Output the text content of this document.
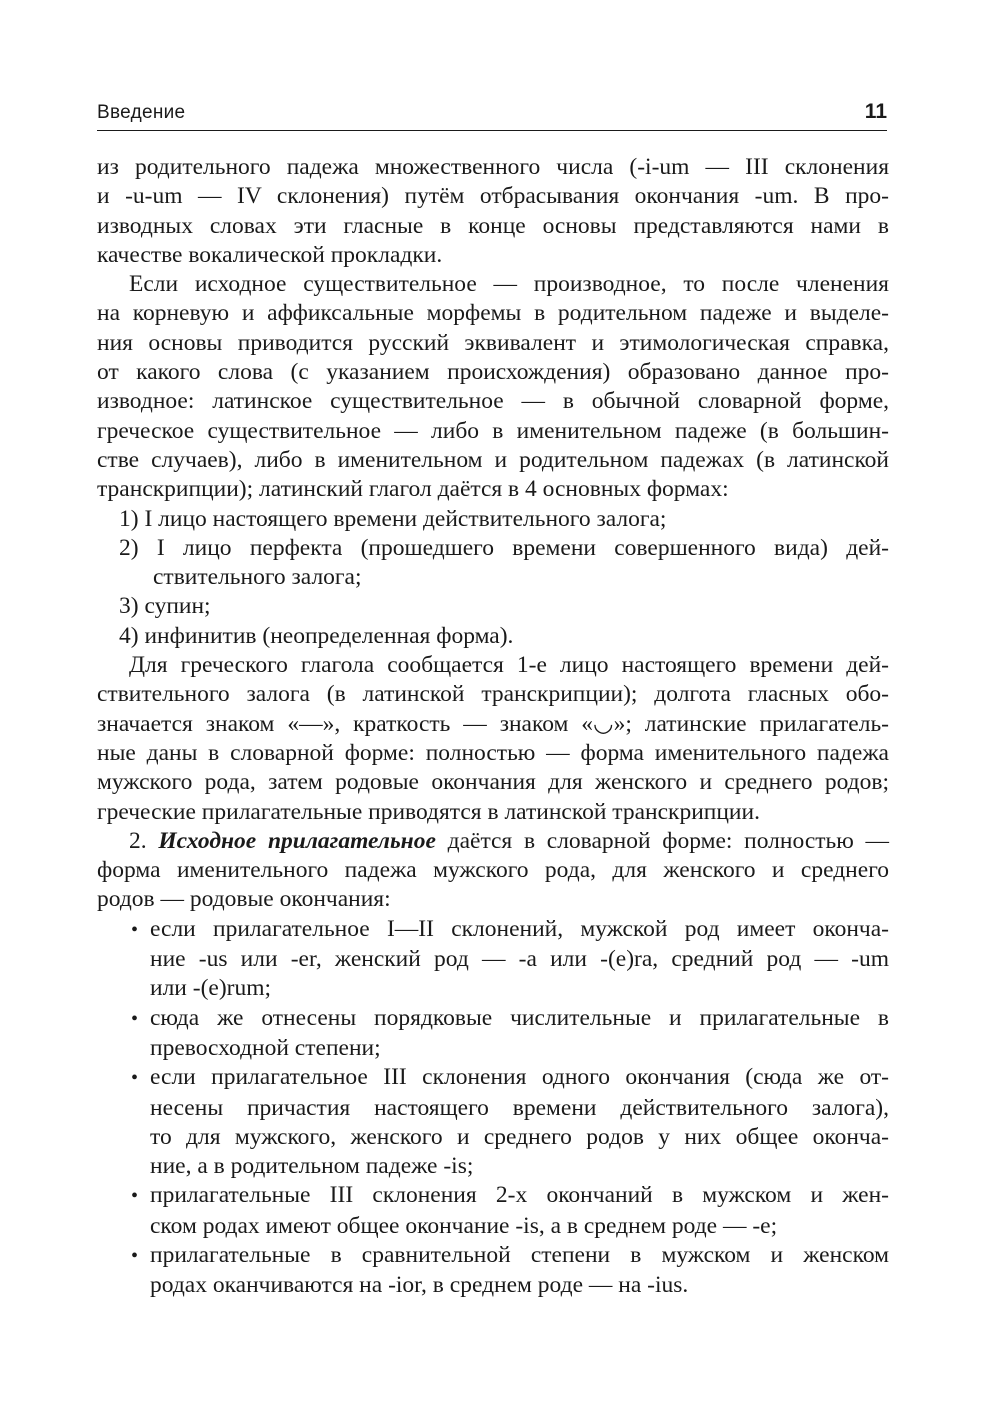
Введение	11
из родительного падежа множественного числа (-i-um — III склонения
и -u-um — IV склонения) путём отбрасывания окончания -um. В про-
изводных словах эти гласные в конце основы представляются нами в
качестве вокалической прокладки.
Если исходное существительное — производное, то после членения
на корневую и аффиксальные морфемы в родительном падеже и выделе-
ния основы приводится русский эквивалент и этимологическая справка,
от какого слова (с указанием происхождения) образовано данное про-
изводное: латинское существительное — в обычной словарной форме,
греческое существительное — либо в именительном падеже (в большин-
стве случаев), либо в именительном и родительном падежах (в латинской
транскрипции); латинский глагол даётся в 4 основных формах:
1) I лицо настоящего времени действительного залога;
2) I лицо перфекта (прошедшего времени совершенного вида) дей-
ствительного залога;
3) супин;
4) инфинитив (неопределенная форма).
Для греческого глагола сообщается 1-е лицо настоящего времени дей-
ствительного залога (в латинской транскрипции); долгота гласных обо-
значается знаком «—», краткость — знаком «◡»; латинские прилагатель-
ные даны в словарной форме: полностью — форма именительного падежа
мужского рода, затем родовые окончания для женского и среднего родов;
греческие прилагательные приводятся в латинской транскрипции.
2. Исходное прилагательное даётся в словарной форме: полностью —
форма именительного падежа мужского рода, для женского и среднего
родов — родовые окончания:
• если прилагательное I—II склонений, мужской род имеет оконча-
ние -us или -er, женский род — -a или -(e)ra, средний род — -um
или -(e)rum;
• сюда же отнесены порядковые числительные и прилагательные в
превосходной степени;
• если прилагательное III склонения одного окончания (сюда же от-
несены причастия настоящего времени действительного залога),
то для мужского, женского и среднего родов у них общее оконча-
ние, а в родительном падеже -is;
• прилагательные III склонения 2-х окончаний в мужском и жен-
ском родах имеют общее окончание -is, а в среднем роде — -e;
• прилагательные в сравнительной степени в мужском и женском
родах оканчиваются на -ior, в среднем роде — на -ius.
